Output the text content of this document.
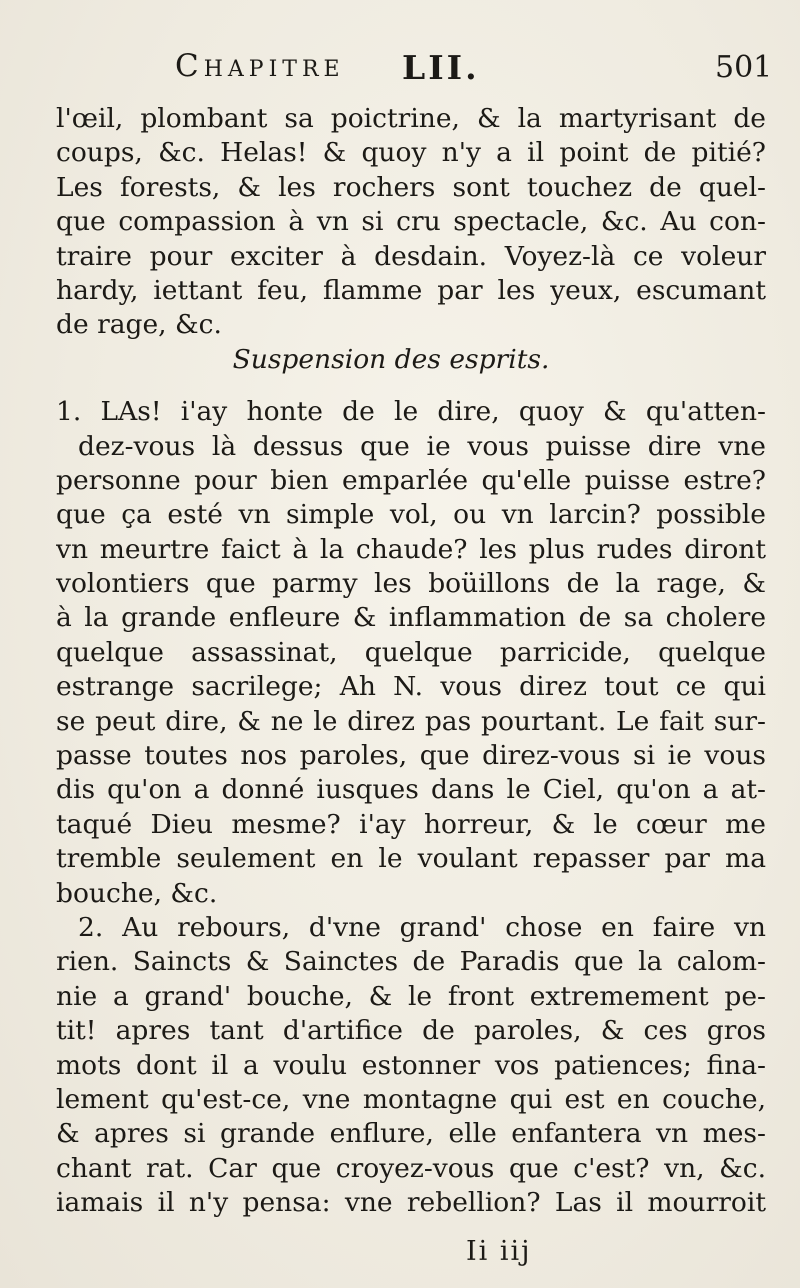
Chapitre LII.	501
l'œil, plombant sa poictrine, & la martyrisant de
coups, &c. Helas! & quoy n'y a il point de pitié?
Les forests, & les rochers sont touchez de quel-
que compassion à vn si cru spectacle, &c. Au con-
traire pour exciter à desdain. Voyez-là ce voleur
hardy, iettant feu, flamme par les yeux, escumant
de rage, &c.
Suspension des esprits.
1. LAs! i'ay honte de le dire, quoy & qu'atten-
dez-vous là dessus que ie vous puisse dire vne
personne pour bien emparlée qu'elle puisse estre?
que ça esté vn simple vol, ou vn larcin? possible
vn meurtre faict à la chaude? les plus rudes diront
volontiers que parmy les boüillons de la rage, &
à la grande enfleure & inflammation de sa cholere
quelque assassinat, quelque parricide, quelque
estrange sacrilege; Ah N. vous direz tout ce qui
se peut dire, & ne le direz pas pourtant. Le fait sur-
passe toutes nos paroles, que direz-vous si ie vous
dis qu'on a donné iusques dans le Ciel, qu'on a at-
taqué Dieu mesme? i'ay horreur, & le cœur me
tremble seulement en le voulant repasser par ma
bouche, &c.
2. Au rebours, d'vne grand' chose en faire vn
rien. Saincts & Sainctes de Paradis que la calom-
nie a grand' bouche, & le front extremement pe-
tit! apres tant d'artifice de paroles, & ces gros
mots dont il a voulu estonner vos patiences; fina-
lement qu'est-ce, vne montagne qui est en couche,
& apres si grande enflure, elle enfantera vn mes-
chant rat. Car que croyez-vous que c'est? vn, &c.
iamais il n'y pensa: vne rebellion? Las il mourroit
Ii iij
